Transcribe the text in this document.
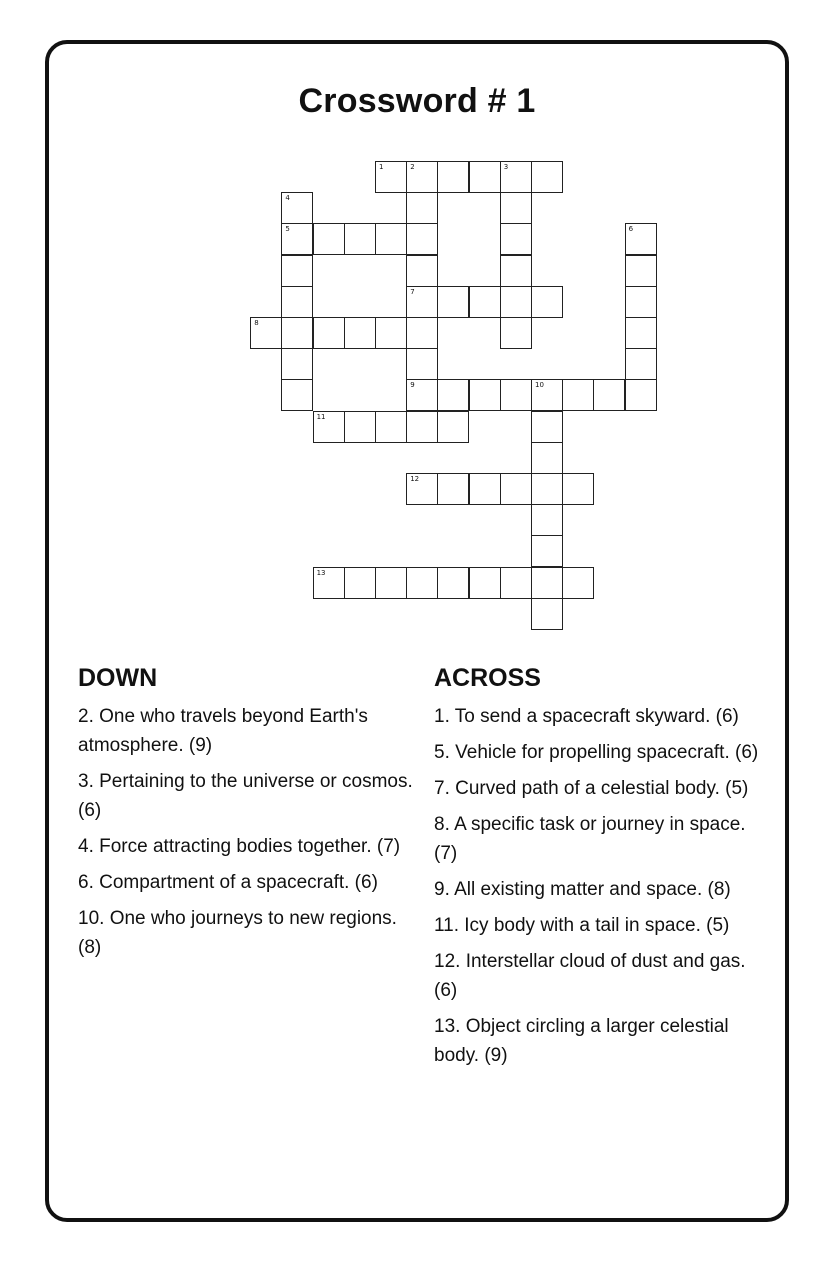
Crossword # 1
1	2	3
4
5	6
7
8
9	10
11
12
13
DOWN
2. One who travels beyond Earth's atmosphere. (9)
3. Pertaining to the universe or cosmos. (6)
4. Force attracting bodies together. (7)
6. Compartment of a spacecraft. (6)
10. One who journeys to new regions. (8)
ACROSS
1. To send a spacecraft skyward. (6)
5. Vehicle for propelling spacecraft. (6)
7. Curved path of a celestial body. (5)
8. A specific task or journey in space. (7)
9. All existing matter and space. (8)
11. Icy body with a tail in space. (5)
12. Interstellar cloud of dust and gas. (6)
13. Object circling a larger celestial body. (9)
